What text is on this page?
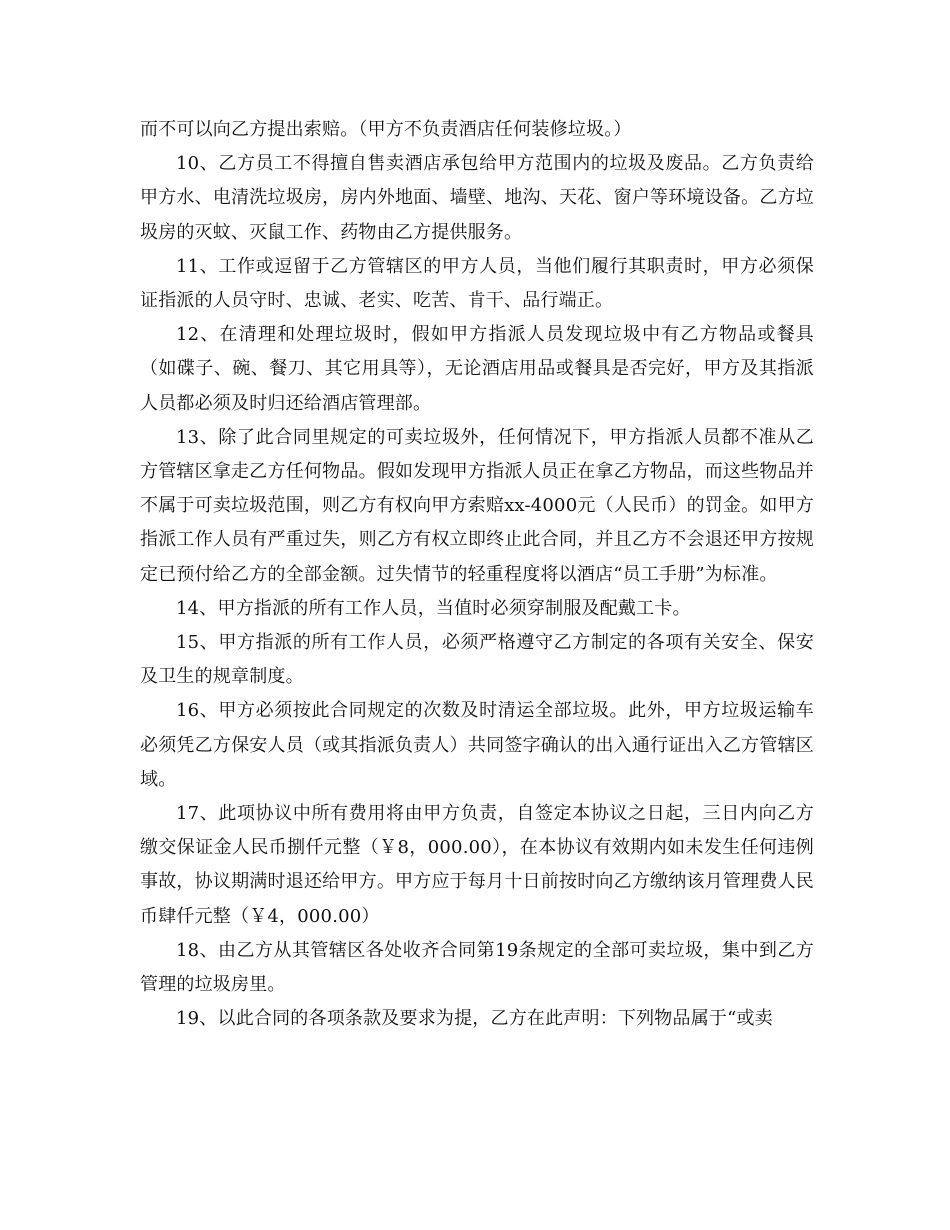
而不可以向乙方提出索赔。（甲方不负责酒店任何装修垃圾。）

10、乙方员工不得擅自售卖酒店承包给甲方范围内的垃圾及废品。乙方负责给甲方水、电清洗垃圾房，房内外地面、墙壁、地沟、天花、窗户等环境设备。乙方垃圾房的灭蚊、灭鼠工作、药物由乙方提供服务。

11、工作或逗留于乙方管辖区的甲方人员，当他们履行其职责时，甲方必须保证指派的人员守时、忠诚、老实、吃苦、肯干、品行端正。

12、在清理和处理垃圾时，假如甲方指派人员发现垃圾中有乙方物品或餐具（如碟子、碗、餐刀、其它用具等），无论酒店用品或餐具是否完好，甲方及其指派人员都必须及时归还给酒店管理部。

13、除了此合同里规定的可卖垃圾外，任何情况下，甲方指派人员都不准从乙方管辖区拿走乙方任何物品。假如发现甲方指派人员正在拿乙方物品，而这些物品并不属于可卖垃圾范围，则乙方有权向甲方索赔xx-4000元（人民币）的罚金。如甲方指派工作人员有严重过失，则乙方有权立即终止此合同，并且乙方不会退还甲方按规定已预付给乙方的全部金额。过失情节的轻重程度将以酒店“员工手册”为标准。

14、甲方指派的所有工作人员，当值时必须穿制服及配戴工卡。

15、甲方指派的所有工作人员，必须严格遵守乙方制定的各项有关安全、保安及卫生的规章制度。

16、甲方必须按此合同规定的次数及时清运全部垃圾。此外，甲方垃圾运输车必须凭乙方保安人员（或其指派负责人）共同签字确认的出入通行证出入乙方管辖区域。

17、此项协议中所有费用将由甲方负责，自签定本协议之日起，三日内向乙方缴交保证金人民币捌仟元整（￥8，000.00），在本协议有效期内如未发生任何违例事故，协议期满时退还给甲方。甲方应于每月十日前按时向乙方缴纳该月管理费人民币肆仟元整（￥4，000.00）

18、由乙方从其管辖区各处收齐合同第19条规定的全部可卖垃圾，集中到乙方管理的垃圾房里。

19、以此合同的各项条款及要求为提，乙方在此声明：下列物品属于“或卖
